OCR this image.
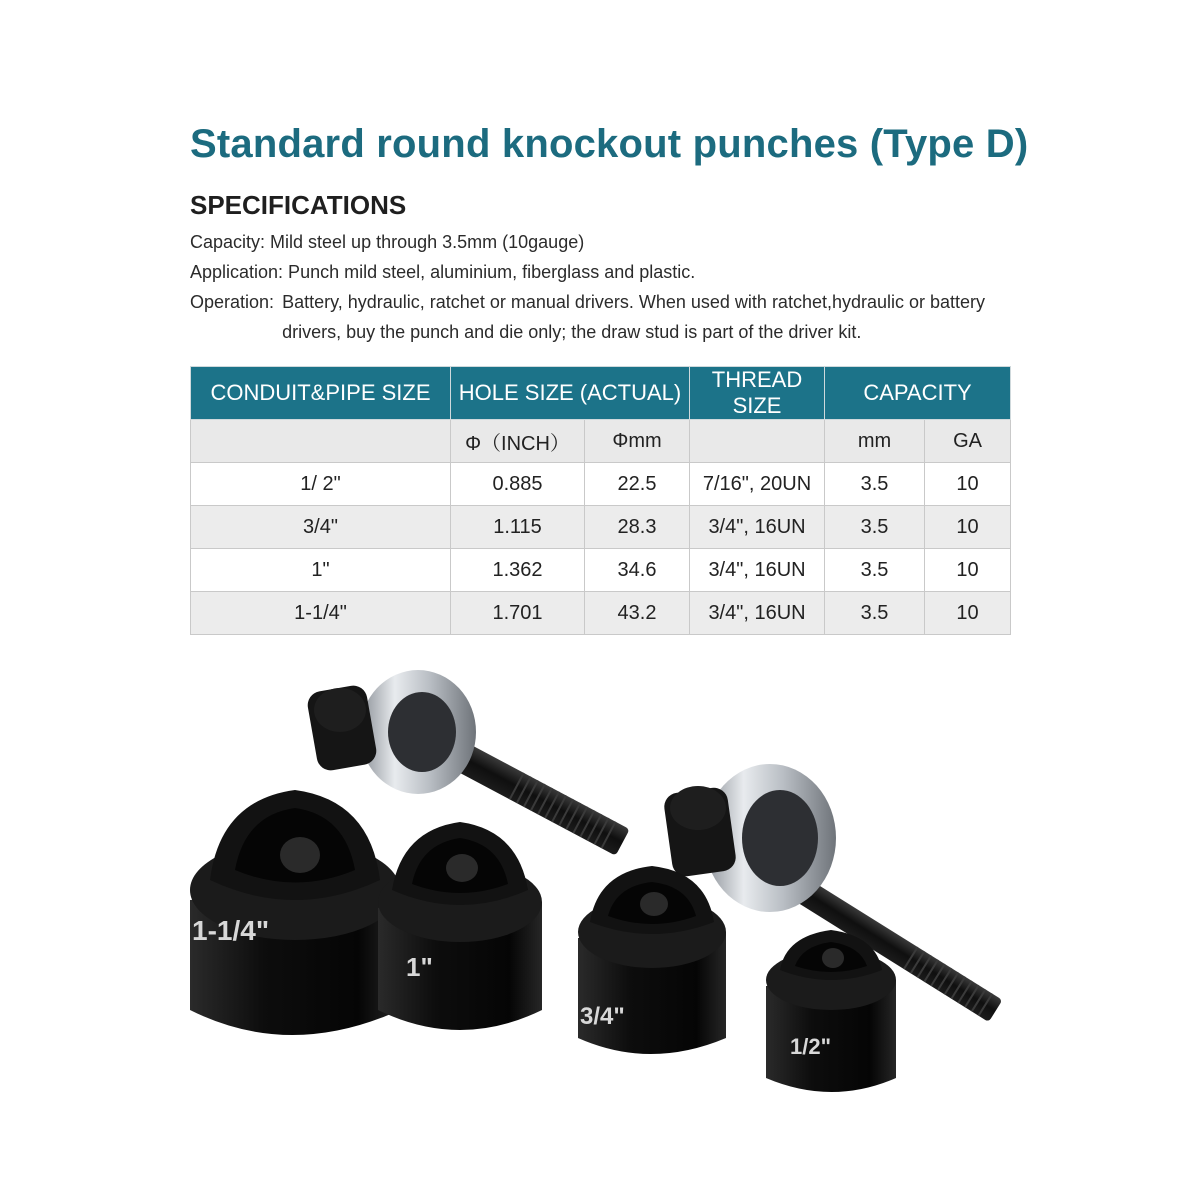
Standard round knockout punches (Type D)
SPECIFICATIONS
Capacity: Mild steel up through 3.5mm (10gauge)
Application: Punch mild steel, aluminium, fiberglass and plastic.
Operation: Battery, hydraulic, ratchet or manual drivers. When used with ratchet,hydraulic or battery drivers, buy the punch and die only; the draw stud is part of the driver kit.
CONDUIT&PIPE SIZE	HOLE SIZE (ACTUAL)		THREAD SIZE	CAPACITY	
	Φ（INCH）	Φmm		mm	GA
1/ 2"	0.885	22.5	7/16", 20UN	3.5	10
3/4"	1.115	28.3	3/4", 16UN	3.5	10
1"	1.362	34.6	3/4", 16UN	3.5	10
1-1/4"	1.701	43.2	3/4", 16UN	3.5	10
1-1/4"
1"
3/4"
1/2"
